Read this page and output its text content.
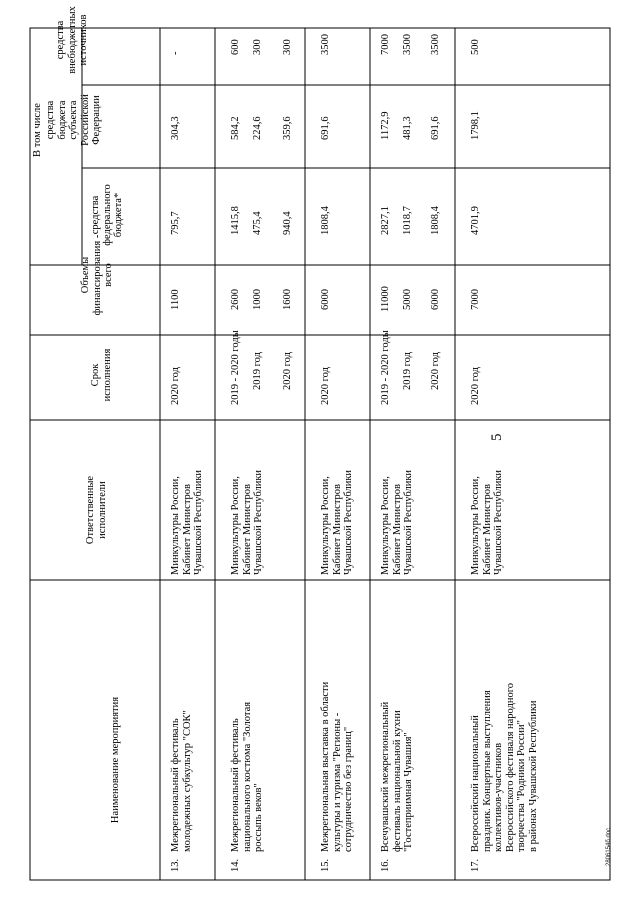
5
Наименование мероприятия
Ответственные
исполнители
Срок
исполнения
Объемы
финансирования -
всего
В том числе
средства
федерального
бюджета*
средства
бюджета
субъекта
Российской
Федерации
средства
внебюджетных
источников
13.
Межрегиональный фестиваль
молодежных субкультур "СОК"
Минкультуры России,
Кабинет Министров
Чувашской Республики
2020 год
1100
795,7
304,3
-
14.
Межрегиональный фестиваль
национального костюма "Золотая
россыпь веков"
Минкультуры России,
Кабинет Министров
Чувашской Республики
2019 - 2020 годы
2600
1415,8
584,2
600
2019 год
1000
475,4
224,6
300
2020 год
1600
940,4
359,6
300
15.
Межрегиональная выставка в области
культуры и туризма "Регионы -
сотрудничество без границ"
Минкультуры России,
Кабинет Министров
Чувашской Республики
2020 год
6000
1808,4
691,6
3500
16.
Всечувашский межрегиональный
фестиваль национальной кухни
"Гостеприимная Чувашия"
Минкультуры России,
Кабинет Министров
Чувашской Республики
2019 - 2020 годы
11000
2827,1
1172,9
7000
2019 год
5000
1018,7
481,3
3500
2020 год
6000
1808,4
691,6
3500
17.
Всероссийский национальный
праздник. Концертные выступления
коллективов-участников
Всероссийского фестиваля народного
творчества "Родники России"
в районах Чувашской Республики
Минкультуры России,
Кабинет Министров
Чувашской Республики
2020 год
7000
4701,9
1798,1
500
2806154б.doc
